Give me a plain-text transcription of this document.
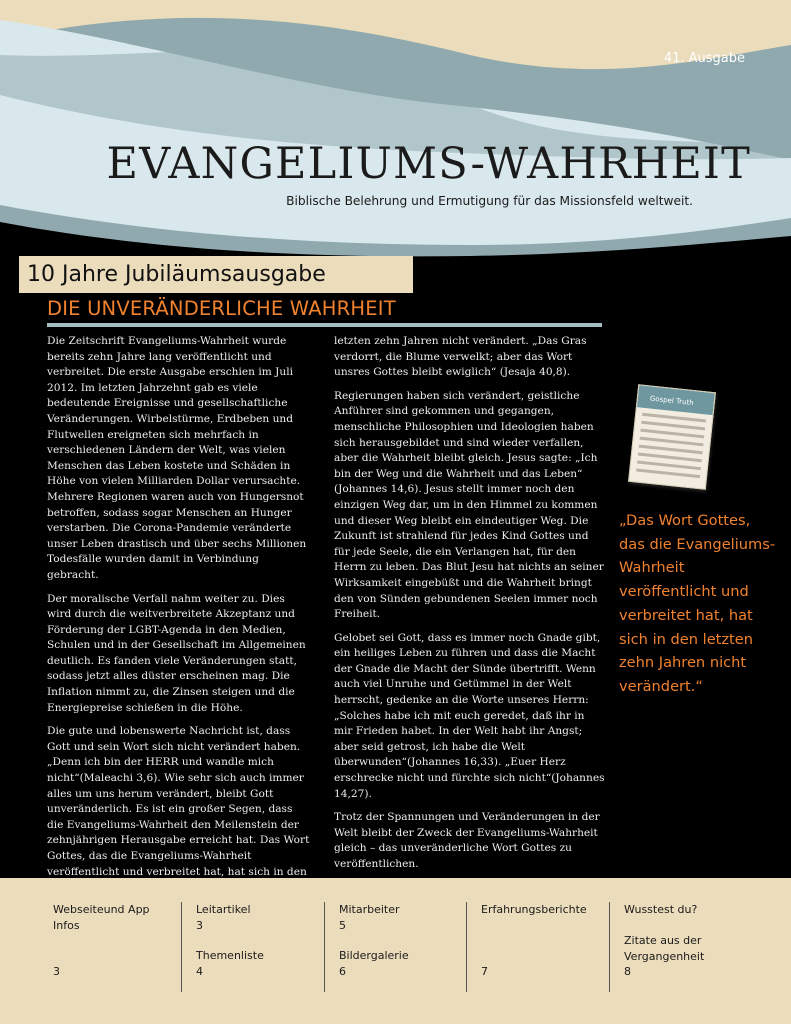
41. Ausgabe
EVANGELIUMS-WAHRHEIT
Biblische Belehrung und Ermutigung für das Missionsfeld weltweit.
10 Jahre Jubiläumsausgabe
DIE UNVERÄNDERLICHE WAHRHEIT

Die Zeitschrift Evangeliums-Wahrheit wurde bereits zehn Jahre lang veröffentlicht und verbreitet. Die erste Ausgabe erschien im Juli 2012. Im letzten Jahrzehnt gab es viele bedeutende Ereignisse und gesellschaftliche Veränderungen. Wirbelstürme, Erdbeben und Flutwellen ereigneten sich mehrfach in verschiedenen Ländern der Welt, was vielen Menschen das Leben kostete und Schäden in Höhe von vielen Milliarden Dollar verursachte. Mehrere Regionen waren auch von Hungersnot betroffen, sodass sogar Menschen an Hunger verstarben. Die Corona-Pandemie veränderte unser Leben drastisch und über sechs Millionen Todesfälle wurden damit in Verbindung gebracht.

Der moralische Verfall nahm weiter zu. Dies wird durch die weitverbreitete Akzeptanz und Förderung der LGBT-Agenda in den Medien, Schulen und in der Gesellschaft im Allgemeinen deutlich. Es fanden viele Veränderungen statt, sodass jetzt alles düster erscheinen mag. Die Inflation nimmt zu, die Zinsen steigen und die Energiepreise schießen in die Höhe.

Die gute und lobenswerte Nachricht ist, dass Gott und sein Wort sich nicht verändert haben. „Denn ich bin der HERR und wandle mich nicht“(Maleachi 3,6). Wie sehr sich auch immer alles um uns herum verändert, bleibt Gott unveränderlich. Es ist ein großer Segen, dass die Evangeliums-Wahrheit den Meilenstein der zehnjährigen Herausgabe erreicht hat. Das Wort Gottes, das die Evangeliums-Wahrheit veröffentlicht und verbreitet hat, hat sich in den

letzten zehn Jahren nicht verändert. „Das Gras verdorrt, die Blume verwelkt; aber das Wort unsres Gottes bleibt ewiglich“ (Jesaja 40,8).

Regierungen haben sich verändert, geistliche Anführer sind gekommen und gegangen, menschliche Philosophien und Ideologien haben sich herausgebildet und sind wieder verfallen, aber die Wahrheit bleibt gleich. Jesus sagte: „Ich bin der Weg und die Wahrheit und das Leben“ (Johannes 14,6). Jesus stellt immer noch den einzigen Weg dar, um in den Himmel zu kommen und dieser Weg bleibt ein eindeutiger Weg. Die Zukunft ist strahlend für jedes Kind Gottes und für jede Seele, die ein Verlangen hat, für den Herrn zu leben. Das Blut Jesu hat nichts an seiner Wirksamkeit eingebüßt und die Wahrheit bringt den von Sünden gebundenen Seelen immer noch Freiheit.

Gelobet sei Gott, dass es immer noch Gnade gibt, ein heiliges Leben zu führen und dass die Macht der Gnade die Macht der Sünde übertrifft. Wenn auch viel Unruhe und Getümmel in der Welt herrscht, gedenke an die Worte unseres Herrn: „Solches habe ich mit euch geredet, daß ihr in mir Frieden habet. In der Welt habt ihr Angst; aber seid getrost, ich habe die Welt überwunden“(Johannes 16,33). „Euer Herz erschrecke nicht und fürchte sich nicht“(Johannes 14,27).

Trotz der Spannungen und Veränderungen in der Welt bleibt der Zweck der Evangeliums-Wahrheit gleich – das unveränderliche Wort Gottes zu veröffentlichen.

Gospel Truth
„Das Wort Gottes, das die Evangeliums-Wahrheit veröffentlicht und verbreitet hat, hat sich in den letzten zehn Jahren nicht verändert.“
Webseiteund App Infos
3
Leitartikel
3
Themenliste
4
Mitarbeiter
5
Bildergalerie
6
Erfahrungsberichte
7
Wusstest du?
Zitate aus der Vergangenheit
8
